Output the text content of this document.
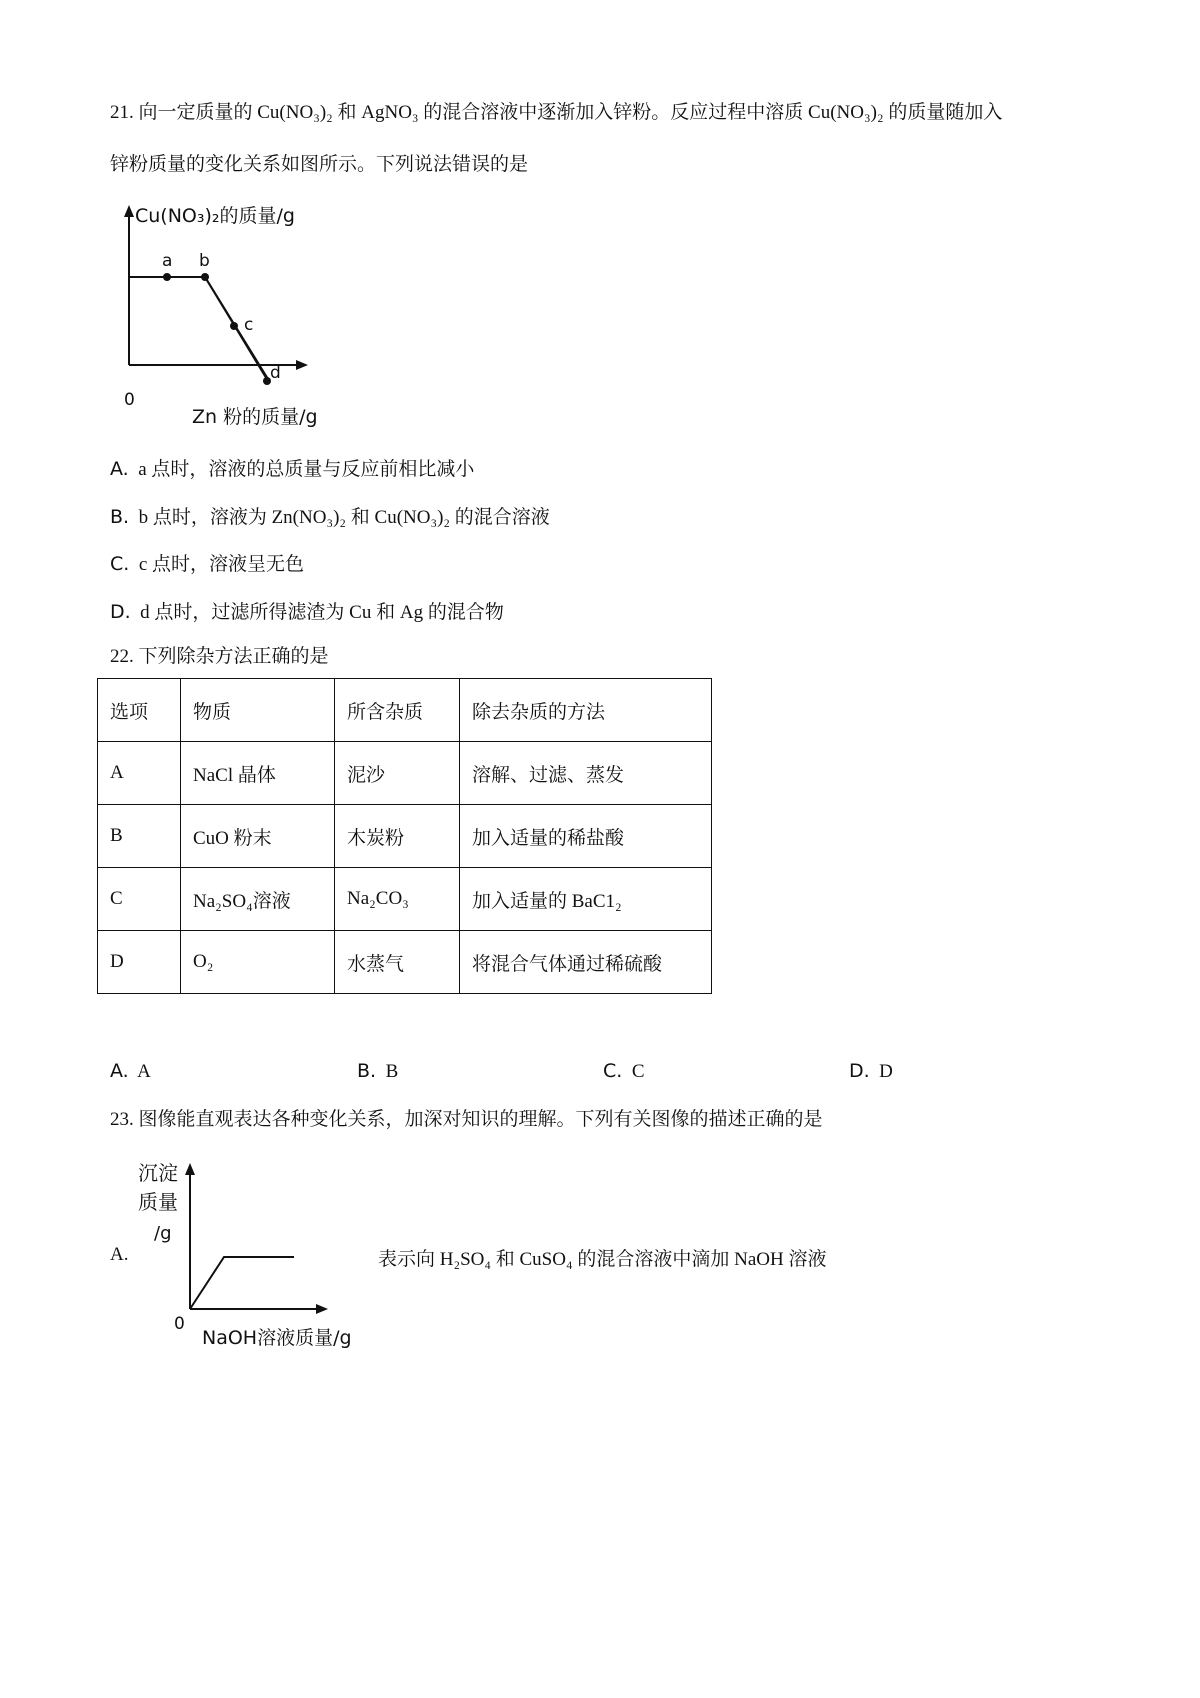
21. 向一定质量的 Cu(NO₃)₂ 和 AgNO₃ 的混合溶液中逐渐加入锌粉。反应过程中溶质 Cu(NO₃)₂ 的质量随加入
锌粉质量的变化关系如图所示。下列说法错误的是
Cu(NO₃)₂的质量/g
a b
c
d
0
Zn 粉的质量/g
A. a 点时，溶液的总质量与反应前相比减小
B. b 点时，溶液为 Zn(NO₃)₂ 和 Cu(NO₃)₂ 的混合溶液
C. c 点时，溶液呈无色
D. d 点时，过滤所得滤渣为 Cu 和 Ag 的混合物
22. 下列除杂方法正确的是
选项	物质	所含杂质	除去杂质的方法
A	NaCl 晶体	泥沙	溶解、过滤、蒸发
B	CuO 粉末	木炭粉	加入适量的稀盐酸
C	Na₂SO₄溶液	Na₂CO₃	加入适量的 BaC1₂
D	O₂	水蒸气	将混合气体通过稀硫酸
A. A	B. B	C. C	D. D
23. 图像能直观表达各种变化关系，加深对知识的理解。下列有关图像的描述正确的是
A.
沉淀
质量
/g
0
NaOH溶液质量/g
表示向 H₂SO₄ 和 CuSO₄ 的混合溶液中滴加 NaOH 溶液
